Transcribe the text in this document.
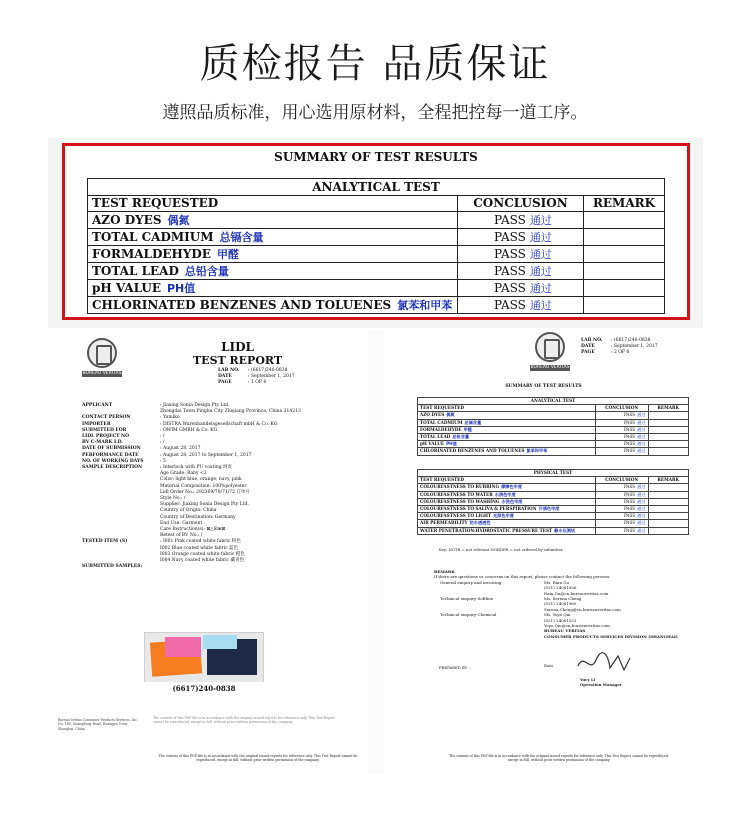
质检报告 品质保证
遵照品质标准，用心选用原材料，全程把控每一道工序。
SUMMARY OF TEST RESULTS
ANALYTICAL TEST		
TEST REQUESTED	CONCLUSION	REMARK
AZO DYES 偶氮	PASS 通过	
TOTAL CADMIUM 总镉含量	PASS 通过	
FORMALDEHYDE 甲醛	PASS 通过	
TOTAL LEAD 总铅含量	PASS 通过	
pH VALUE PH值	PASS 通过	
CHLORINATED BENZENES AND TOLUENES 氯苯和甲苯	PASS 通过	
BUREAU VERITAS
LIDL
TEST REPORT
LAB NO. : (6617)240-0838
DATE	: September 1, 2017
PAGE	: 1 OF 6
APPLICANT	: Jiaxing Sonia Design Pty Ltd.
Zhongdai Town Pinghu City Zhejiang Province, China 314213
CONTACT PERSON	: Yumiko
IMPORTER	: DISTRA Warenhandelsgesellschaft mbH & Co. KG
SUBMITTED FOR	: OWIM GMBH & Co. KG
LIDL PROJECT NO	: /
BV C-MARK I.D.	: /
DATE OF SUBMISSION	: August 28, 2017
PERFORMANCE DATE	: August 28, 2017 to September 1, 2017
NO. OF WORKING DAYS	: 5
SAMPLE DESCRIPTION	: Interlock with PU coating 珂皮
Age Grade: Baby <3
Color: light blue, orange, navy, pink
Material Composition: 100%polyester
Lidl Order No.: 292369/70/71/72 订单号
Style No.: /
Supplier: Jiaxing Sonia Design Pty Ltd.
Country of Origin: China
Country of Destination: Germany
End Use: Garment
Care Instruction(s): ⊠△☒⊗⊠
Retest of BV No.: /
TESTED ITEM (S)	: I001 Pink coated white fabric 粉色
I002 Blue coated white fabric 蓝色
I003 Orange coated white fabric 橙色
I004 Navy coated white fabric 藏青色
SUBMITTED SAMPLES:
(6617)240-0838
Bureau Veritas Consumer Products Services, Inc. No. 168, Guangdong Road, Huangpu Town, Shanghai, China
The content of this PDF file is in accordance with the original issued reports for reference only. This Test Report cannot be reproduced, except in full, without prior written permission of the company.
The content of this PDF file is in accordance with the original issued reports for reference only. This Test Report cannot be reproduced, except in full, without prior written permission of the company.
BUREAU VERITAS
LAB NO. : (6617)240-0838
DATE	: September 1, 2017
PAGE	: 2 OF 6
SUMMARY OF TEST RESULTS
ANALYTICAL TEST		
TEST REQUESTED	CONCLUSION	REMARK
AZO DYES 偶氮	PASS 通过	
TOTAL CADMIUM 总镉含量	PASS 通过	
FORMALDEHYDE 甲醛	PASS 通过	
TOTAL LEAD 总铅含量	PASS 通过	
pH VALUE PH值	PASS 通过	
CHLORINATED BENZENES AND TOLUENES 氯苯和甲苯	PASS 通过	
PHYSICAL TEST		
TEST REQUESTED	CONCLUSION	REMARK
COLOURFASTNESS TO RUBBING 摩擦色牢度	PASS 通过	
COLOURFASTNESS TO WATER 水渍色牢度	PASS 通过	
COLOURFASTNESS TO WASHING 水洗色牢度	PASS 通过	
COLOURFASTNESS TO SALIVA & PERSPIRATION 汗渍色牢度	PASS 通过	
COLOURFASTNESS TO LIGHT 光照色牢度	PASS 通过	
AIR PERMEABILITY 防水透透性	PASS 通过	
WATER PENETRATION:HYDROSTATIC PRESSURE TEST 静水压测试	PASS 通过	
Key: NOTR = not relevant NORDER = not ordered by submitter
REMARK
If there are questions or concerns on this report, please contact the following persons:
General enquiry and invoicing	Ms. Rain Gu
(021) 24081936
Rain.Gu@cn.bureauveritas.com
Technical enquiry-Softline	Ms. Serena Cheng
(021) 24081960
Serena.Cheng@cn.bureauveritas.com
Technical enquiry-Chemical	Ms. Yoyo Qiu
(021) 24081523
Yoyo.Qiu@cn.bureauveritas.com
BUREAU VERITAS
CONSUMER PRODUCTS SERVICES DIVISION (SHANGHAI)
PREPARED BY :	Rain
Yucy Li
Operation Manager
The content of this PDF file is in accordance with the original issued reports for reference only. This Test Report cannot be reproduced, except in full, without prior written permission of the company.
